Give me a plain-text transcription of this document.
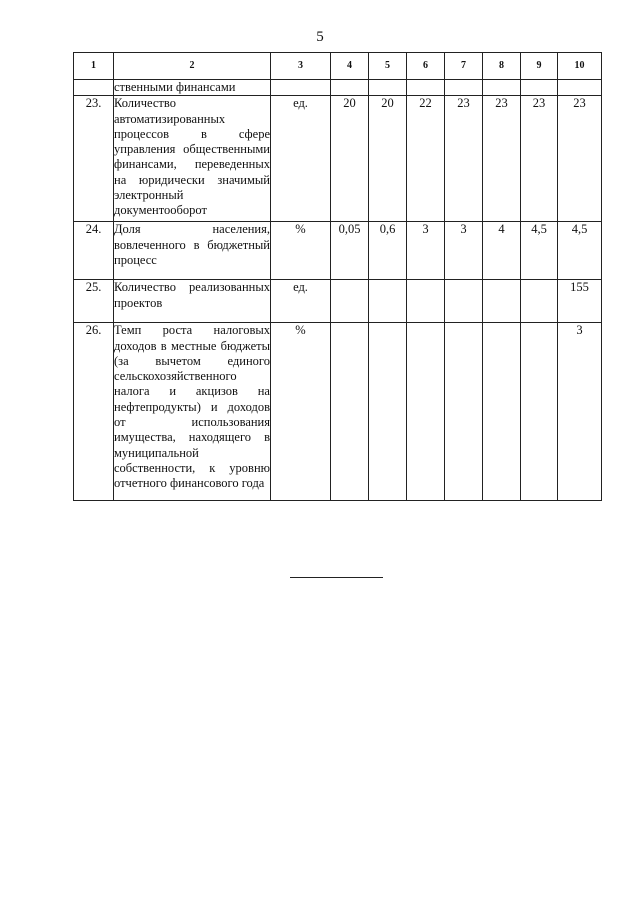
5
1	2	3	4	5	6	7	8	9	10
	ственными финансами								
23.	Количество автоматизированных процессов в сфере управления общественными финансами, переведенных на юридически значимый электронный документооборот	ед.	20	20	22	23	23	23	23
24.	Доля населения, вовлеченного в бюджетный процесс	%	0,05	0,6	3	3	4	4,5	4,5
25.	Количество реализованных проектов	ед.							155
26.	Темп роста налоговых доходов в местные бюджеты (за вычетом единого сельскохозяйственного налога и акцизов на нефтепродукты) и доходов от использования имущества, находящего в муниципальной собственности, к уровню отчетного финансового года	%							3
